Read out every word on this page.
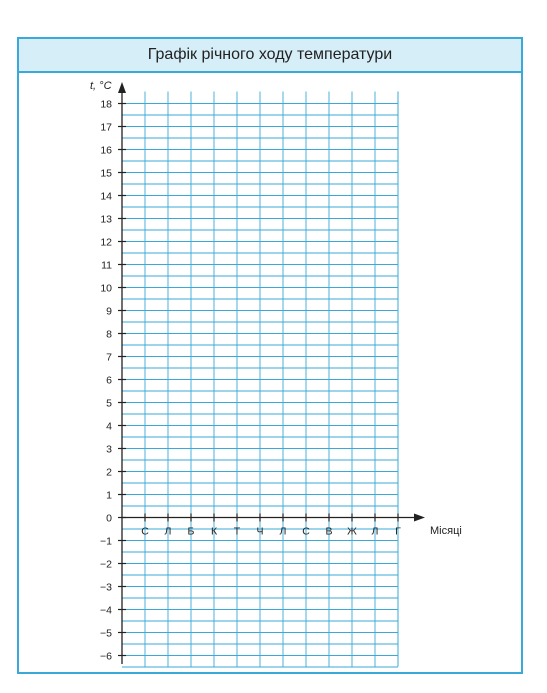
Графік річного ходу температури
18
17
16
15
14
13
12
11
10
9
8
7
6
5
4
3
2
1
0
−1
−2
−3
−4
−5
−6
С Л Б К Т Ч Л С В Ж Л Г
t, °C
Місяці
